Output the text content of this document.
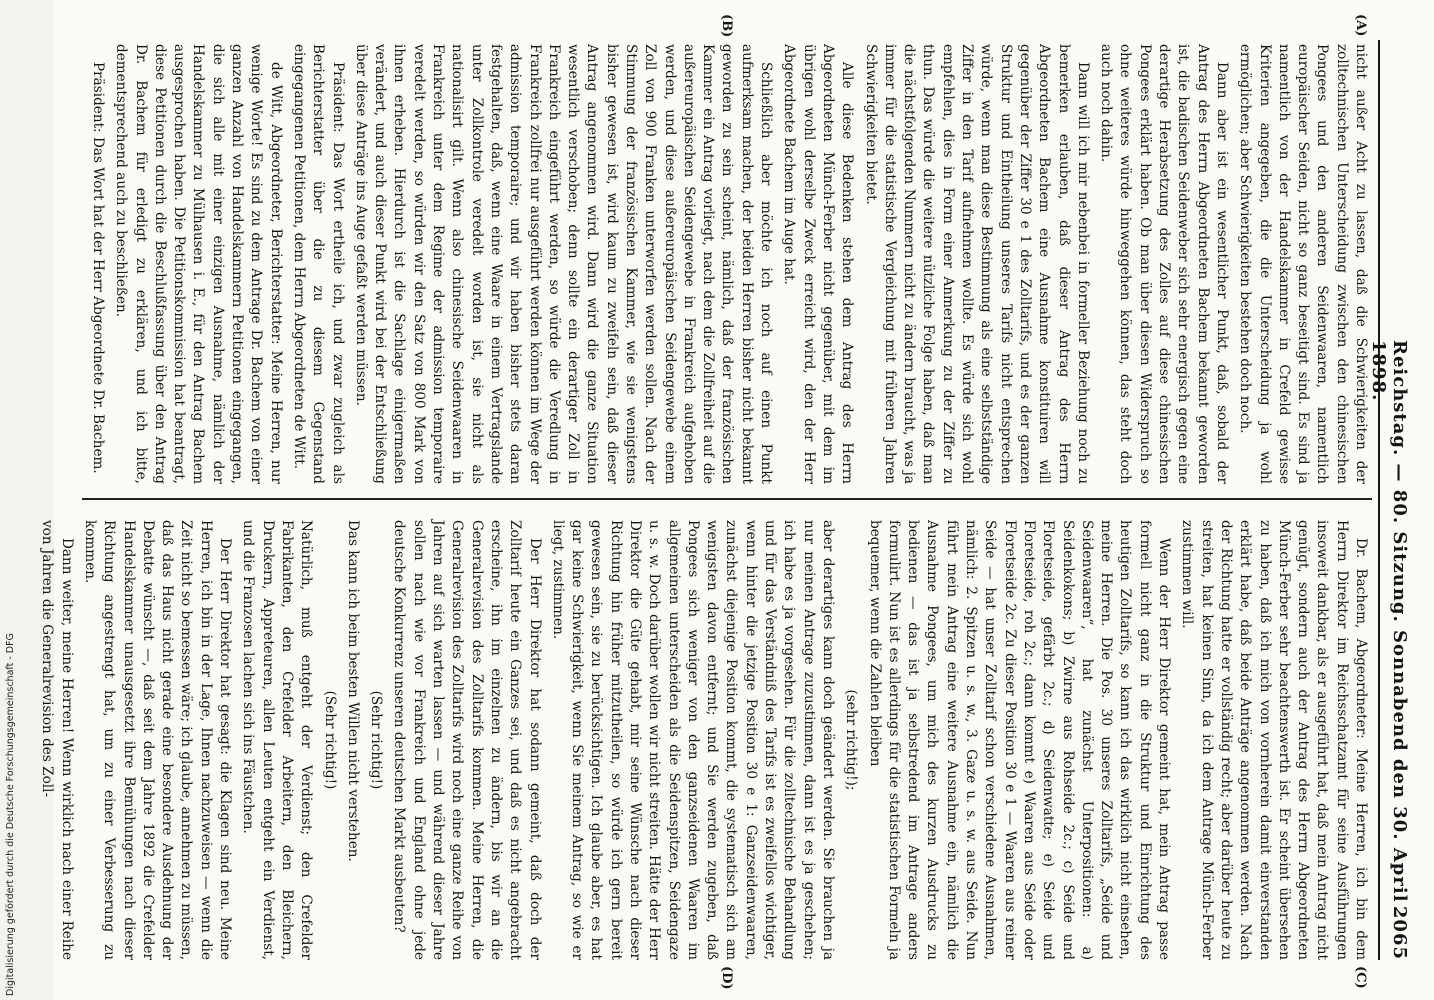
Reichstag. — 80. Sitzung. Sonnabend den 30. April 1898.
2065
(A)
(B)
(C)
(D)

nicht außer Acht zu lassen, daß die Schwierigkeiten der zolltechnischen Unterscheidung zwischen den chinesischen Pongees und den anderen Seidenwaaren, namentlich europäischer Seiden, nicht so ganz beseitigt sind. Es sind ja namentlich von der Handelskammer in Crefeld gewisse Kriterien angegeben, die die Unterscheidung ja wohl ermöglichen; aber Schwierigkeiten bestehen doch noch.

Dann aber ist ein wesentlicher Punkt, daß, sobald der Antrag des Herrn Abgeordneten Bachem bekannt geworden ist, die badischen Seidenweber sich sehr energisch gegen eine derartige Herabsetzung des Zolles auf diese chinesischen Pongees erklärt haben. Ob man über diesen Widerspruch so ohne weiteres würde hinweggehen können, das steht doch auch noch dahin.

Dann will ich mir nebenbei in formeller Beziehung noch zu bemerken erlauben, daß dieser Antrag des Herrn Abgeordneten Bachem eine Ausnahme konstituiren will gegenüber der Ziffer 30 e 1 des Zolltarifs, und es der ganzen Struktur und Eintheilung unseres Tarifs nicht entsprechen würde, wenn man diese Bestimmung als eine selbstständige Ziffer in den Tarif aufnehmen wollte. Es würde sich wohl empfehlen, dies in Form einer Anmerkung zu der Ziffer zu thun. Das würde die weitere nützliche Folge haben, daß man die nächstfolgenden Nummern nicht zu ändern braucht, was ja immer für die statistische Vergleichung mit früheren Jahren Schwierigkeiten bietet.

Alle diese Bedenken stehen dem Antrag des Herrn Abgeordneten Münch-Ferber nicht gegenüber, mit dem im übrigen wohl derselbe Zweck erreicht wird, den der Herr Abgeordnete Bachem im Auge hat.

Schließlich aber möchte ich noch auf einen Punkt aufmerksam machen, der beiden Herren bisher nicht bekannt geworden zu sein scheint, nämlich, daß der französischen Kammer ein Antrag vorliegt, nach dem die Zollfreiheit auf die außereuropäischen Seidengewebe in Frankreich aufgehoben werden, und diese außereuropäischen Seidengewebe einem Zoll von 900 Franken unterworfen werden sollen. Nach der Stimmung der französischen Kammer, wie sie wenigstens bisher gewesen ist, wird kaum zu zweifeln sein, daß dieser Antrag angenommen wird. Dann wird die ganze Situation wesentlich verschoben; denn sollte ein derartiger Zoll in Frankreich eingeführt werden, so würde die Veredlung in Frankreich zollfrei nur ausgeführt werden können im Wege der admission temporaire; und wir haben bisher stets daran festgehalten, daß, wenn eine Waare in einem Vertragslande unter Zollkontrole veredelt worden ist, sie nicht als nationalisirt gilt. Wenn also chinesische Seidenwaaren in Frankreich unter dem Regime der admission temporaire veredelt werden, so würden wir den Satz von 800 Mark von ihnen erheben. Hierdurch ist die Sachlage einigermaßen verändert, und auch dieser Punkt wird bei der Entschließung über diese Anträge ins Auge gefaßt werden müssen.

Präsident: Das Wort ertheile ich, und zwar zugleich als Berichterstatter über die zu diesem Gegenstand eingegangenen Petitionen, dem Herrn Abgeordneten de Witt.

de Witt, Abgeordneter, Berichterstatter: Meine Herren, nur wenige Worte! Es sind zu dem Antrage Dr. Bachem von einer ganzen Anzahl von Handelskammern Petitionen eingegangen, die sich alle mit einer einzigen Ausnahme, nämlich der Handelskammer zu Mülhausen i. E., für den Antrag Bachem ausgesprochen haben. Die Petitionskommission hat beantragt, diese Petitionen durch die Beschlußfassung über den Antrag Dr. Bachem für erledigt zu erklären, und ich bitte, dementsprechend auch zu beschließen.

Präsident: Das Wort hat der Herr Abgeordnete Dr. Bachem.

Dr. Bachem, Abgeordneter: Meine Herren, ich bin dem Herrn Direktor im Reichsschatzamt für seine Ausführungen insoweit dankbar, als er ausgeführt hat, daß mein Antrag nicht genügt, sondern auch der Antrag des Herrn Abgeordneten Münch-Ferber sehr beachtenswerth ist. Er scheint übersehen zu haben, daß ich mich von vornherein damit einverstanden erklärt habe, daß beide Anträge angenommen werden. Nach der Richtung hatte er vollständig recht; aber darüber heute zu streiten, hat keinen Sinn, da ich dem Antrage Münch-Ferber zustimmen will.

Wenn der Herr Direktor gemeint hat, mein Antrag passe formell nicht ganz in die Struktur und Einrichtung des heutigen Zolltarifs, so kann ich das wirklich nicht einsehen, meine Herren. Die Pos. 30 unseres Zolltarifs, „Seide und Seidenwaaren“, hat zunächst Unterpositionen: a) Seidenkokons; b) Zwirne aus Rohseide 2c.; c) Seide und Floretseide, gefärbt 2c.; d) Seidenwatte; e) Seide und Floretseide, roh 2c.; dann kommt e) Waaren aus Seide oder Floretseide 2c. Zu dieser Position 30 e 1 — Waaren aus reiner Seide — hat unser Zolltarif schon verschiedene Ausnahmen, nämlich: 2. Spitzen u. s. w., 3. Gaze u. s. w. aus Seide. Nun führt mein Antrag eine weitere Ausnahme ein, nämlich die Ausnahme Pongees, um mich des kurzen Ausdrucks zu bedienen — das ist ja selbstredend im Antrage anders formulirt. Nun ist es allerdings für die statistischen Formeln ja bequemer, wenn die Zahlen bleiben

(sehr richtig!);

aber derartiges kann doch geändert werden. Sie brauchen ja nur meinen Antrage zuzustimmen, dann ist es ja geschehen; ich habe es ja vorgesehen. Für die zolltechnische Behandlung und für das Verständniß des Tarifs ist es zweifellos wichtiger, wenn hinter die jetzige Position 30 e 1: Ganzseidenwaaren, zunächst diejenige Position kommt, die systematisch sich am wenigsten davon entfernt; und Sie werden zugeben, daß Pongees sich weniger von den ganzseidenen Waaren im allgemeinen unterscheiden als die Seidenspitzen, Seidengaze u. s. w. Doch darüber wollen wir nicht streiten. Hätte der Herr Direktor die Güte gehabt, mir seine Wünsche nach dieser Richtung hin früher mitzutheilen, so würde ich gern bereit gewesen sein, sie zu berücksichtigen. Ich glaube aber, es hat gar keine Schwierigkeit, wenn Sie meinem Antrag, so wie er liegt, zustimmen.

Der Herr Direktor hat sodann gemeint, daß doch der Zolltarif heute ein Ganzes sei, und daß es nicht angebracht erscheine, ihn im einzelnen zu ändern, bis wir an die Generalrevision des Zolltarifs kommen. Meine Herren, die Generalrevision des Zolltarifs wird noch eine ganze Reihe von Jahren auf sich warten lassen — und während dieser Jahre sollen nach wie vor Frankreich und England ohne jede deutsche Konkurrenz unseren deutschen Markt ausbeuten?

(Sehr richtig!)

Das kann ich beim besten Willen nicht verstehen.

(Sehr richtig!)

Natürlich, muß entgeht der Verdienst; den Crefelder Fabrikanten, den Crefelder Arbeitern, den Bleichern, Druckern, Appreteuren, allen Leuten entgeht ein Verdienst, und die Franzosen lachen sich ins Fäustchen.

Der Herr Direktor hat gesagt: die Klagen sind neu. Meine Herren, ich bin in der Lage, Ihnen nachzuweisen — wenn die Zeit nicht so bemessen wäre; ich glaube, annehmen zu müssen, daß das Haus nicht gerade eine besondere Ausdehnung der Debatte wünscht —, daß seit dem Jahre 1892 die Crefelder Handelskammer unausgesetzt ihre Bemühungen nach dieser Richtung angestrengt hat, um zu einer Verbesserung zu kommen.

Dann weiter, meine Herren! Wenn wirklich nach einer Reihe von Jahren die Generalrevision des Zoll-

Digitalisierung gefördert durch die Deutsche Forschungsgemeinschaft - DFG
